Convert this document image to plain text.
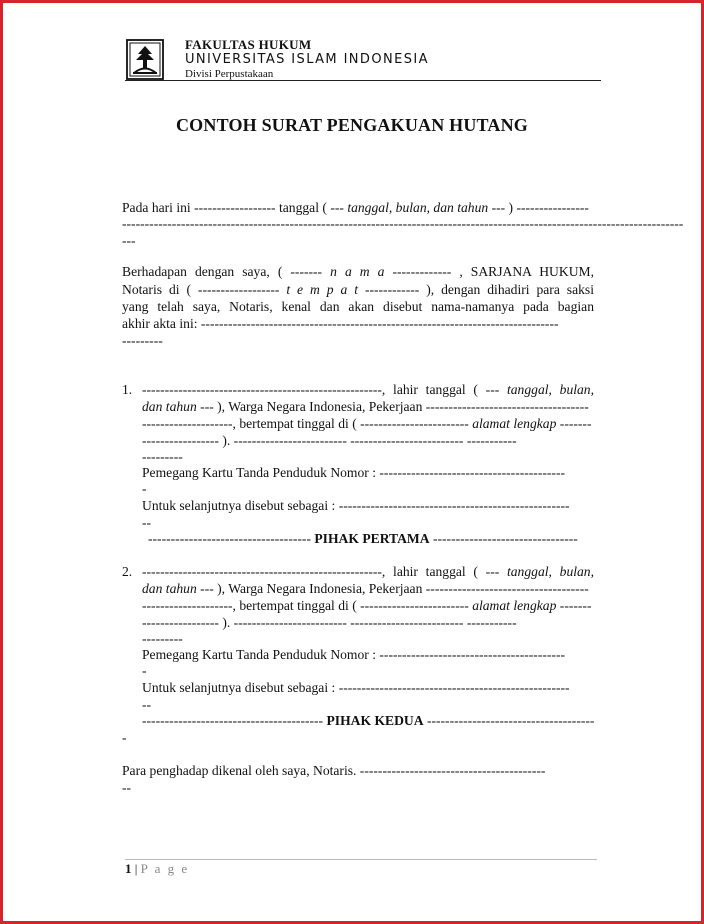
FAKULTAS HUKUM
UNIVERSITAS ISLAM INDONESIA
Divisi Perpustakaan
CONTOH SURAT PENGAKUAN HUTANG
Pada hari ini ------------------ tanggal ( --- tanggal, bulan, dan tahun --- ) ----------------
----------------------------------------------------------------------------------------------------------------------------
---
Berhadapan dengan saya, ( ------- n a m a ------------- , SARJANA HUKUM,
Notaris di ( ------------------ t e m p a t ------------ ), dengan dihadiri para saksi
yang telah saya, Notaris, kenal dan akan disebut nama-namanya pada bagian
akhir akta ini: -------------------------------------------------------------------------------
---------
1. -----------------------------------------------------, lahir tanggal ( --- tanggal, bulan,
dan tahun --- ), Warga Negara Indonesia, Pekerjaan ------------------------------------
--------------------, bertempat tinggal di ( ------------------------ alamat lengkap -------
----------------- ). ------------------------- ------------------------- -----------
---------
Pemegang Kartu Tanda Penduduk Nomor : -----------------------------------------
-
Untuk selanjutnya disebut sebagai : ---------------------------------------------------
--
------------------------------------ PIHAK PERTAMA --------------------------------
2. -----------------------------------------------------, lahir tanggal ( --- tanggal, bulan,
dan tahun --- ), Warga Negara Indonesia, Pekerjaan ------------------------------------
--------------------, bertempat tinggal di ( ------------------------ alamat lengkap -------
----------------- ). ------------------------- ------------------------- -----------
---------
Pemegang Kartu Tanda Penduduk Nomor : -----------------------------------------
-
Untuk selanjutnya disebut sebagai : ---------------------------------------------------
--
---------------------------------------- PIHAK KEDUA -------------------------------------
-
Para penghadap dikenal oleh saya, Notaris. -----------------------------------------
--
1 | P a g e
